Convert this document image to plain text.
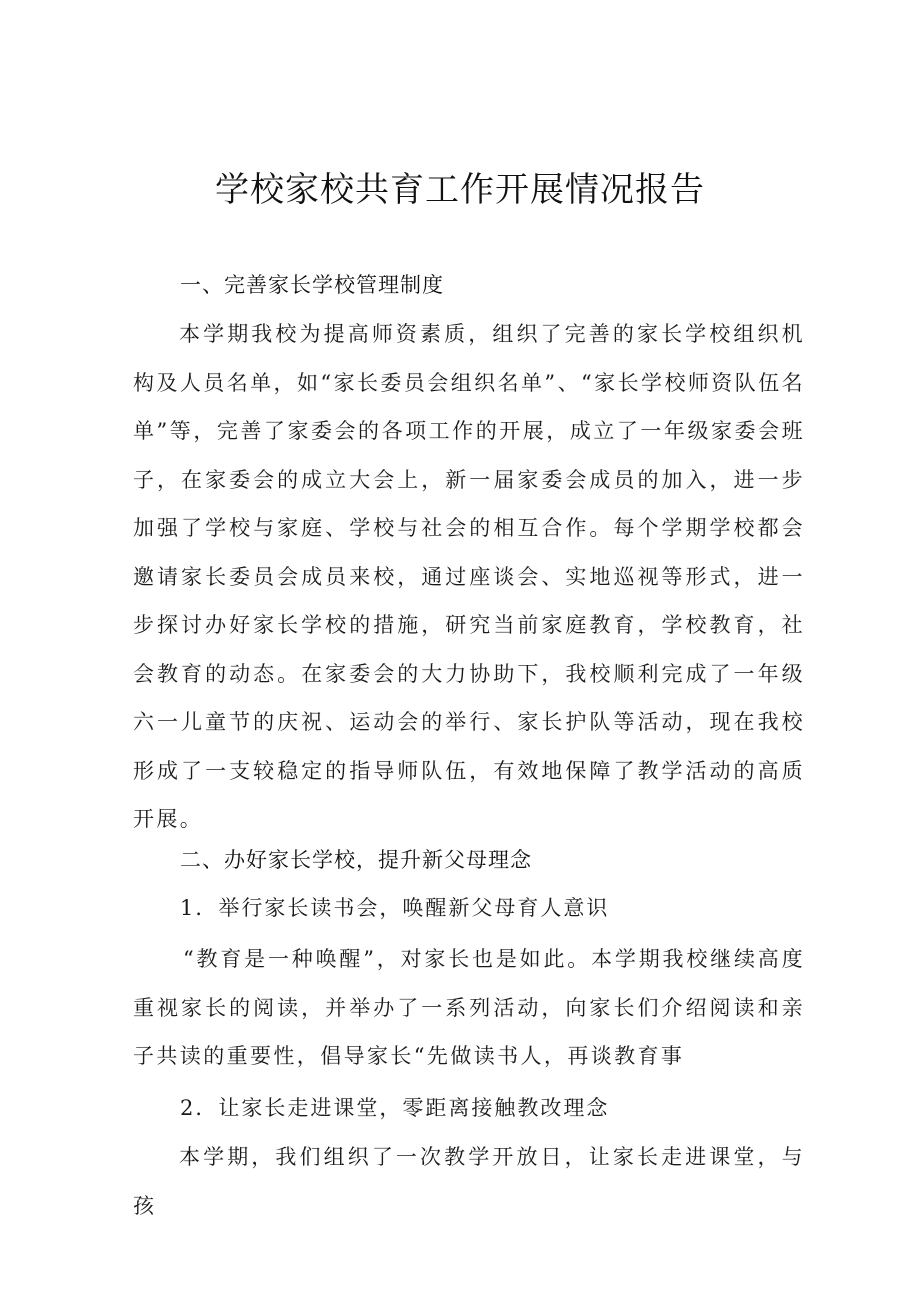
学校家校共育工作开展情况报告
一、完善家长学校管理制度
本学期我校为提高师资素质，组织了完善的家长学校组织机构及人员名单，如“家长委员会组织名单”、“家长学校师资队伍名单”等，完善了家委会的各项工作的开展，成立了一年级家委会班子，在家委会的成立大会上，新一届家委会成员的加入，进一步加强了学校与家庭、学校与社会的相互合作。每个学期学校都会邀请家长委员会成员来校，通过座谈会、实地巡视等形式，进一步探讨办好家长学校的措施，研究当前家庭教育，学校教育，社会教育的动态。在家委会的大力协助下，我校顺利完成了一年级六一儿童节的庆祝、运动会的举行、家长护队等活动，现在我校形成了一支较稳定的指导师队伍，有效地保障了教学活动的高质开展。
二、办好家长学校，提升新父母理念
1．举行家长读书会，唤醒新父母育人意识
“教育是一种唤醒”，对家长也是如此。本学期我校继续高度重视家长的阅读，并举办了一系列活动，向家长们介绍阅读和亲子共读的重要性，倡导家长“先做读书人，再谈教育事
2．让家长走进课堂，零距离接触教改理念
本学期，我们组织了一次教学开放日，让家长走进课堂，与孩
